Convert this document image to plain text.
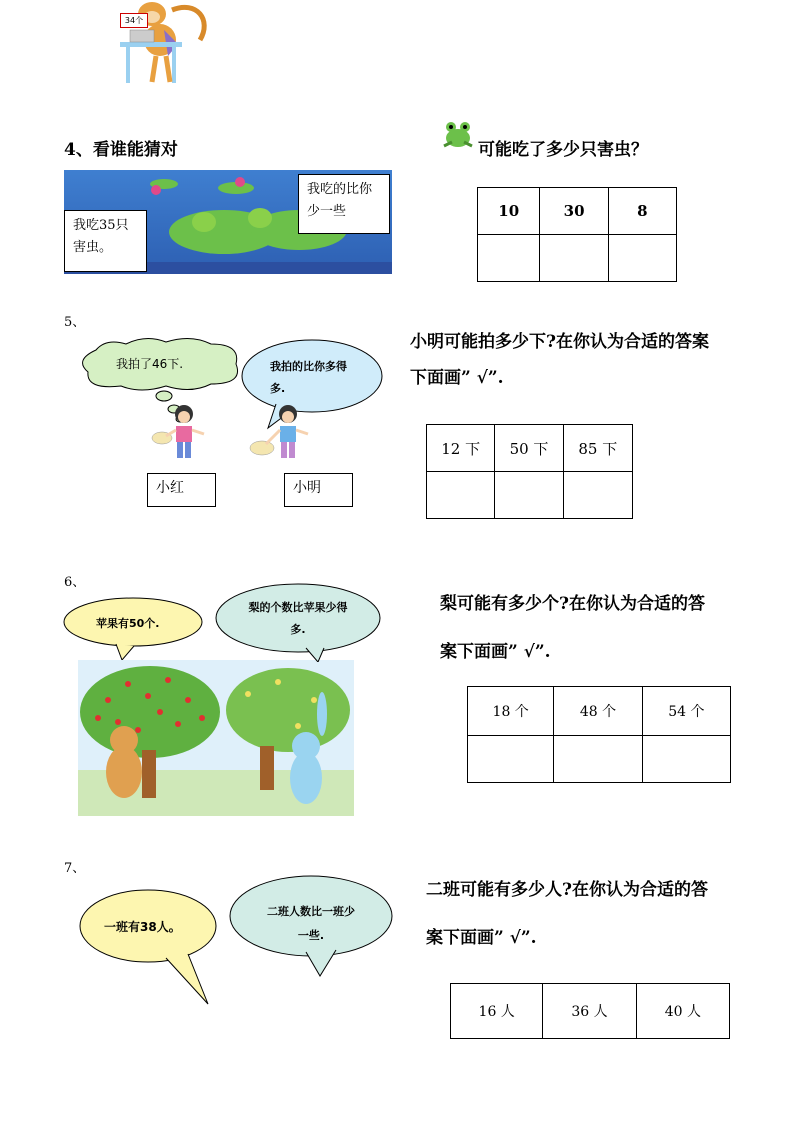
34个
4、看谁能猜对
我吃35只害虫。
我吃的比你少一些
可能吃了多少只害虫？
10	30	8

5、
我拍了46下.	我拍的比你多得多.
小红	小明
小明可能拍多少下?在你认为合适的答案
下面画” √”.
12 下	50 下	85 下

6、
苹果有50个.
梨的个数比苹果少得多.
梨可能有多少个?在你认为合适的答
案下面画” √”.
18 个	48 个	54 个

7、
一班有38人。
二班人数比一班少一些.
二班可能有多少人?在你认为合适的答
案下面画” √”.
16 人	36 人	40 人
